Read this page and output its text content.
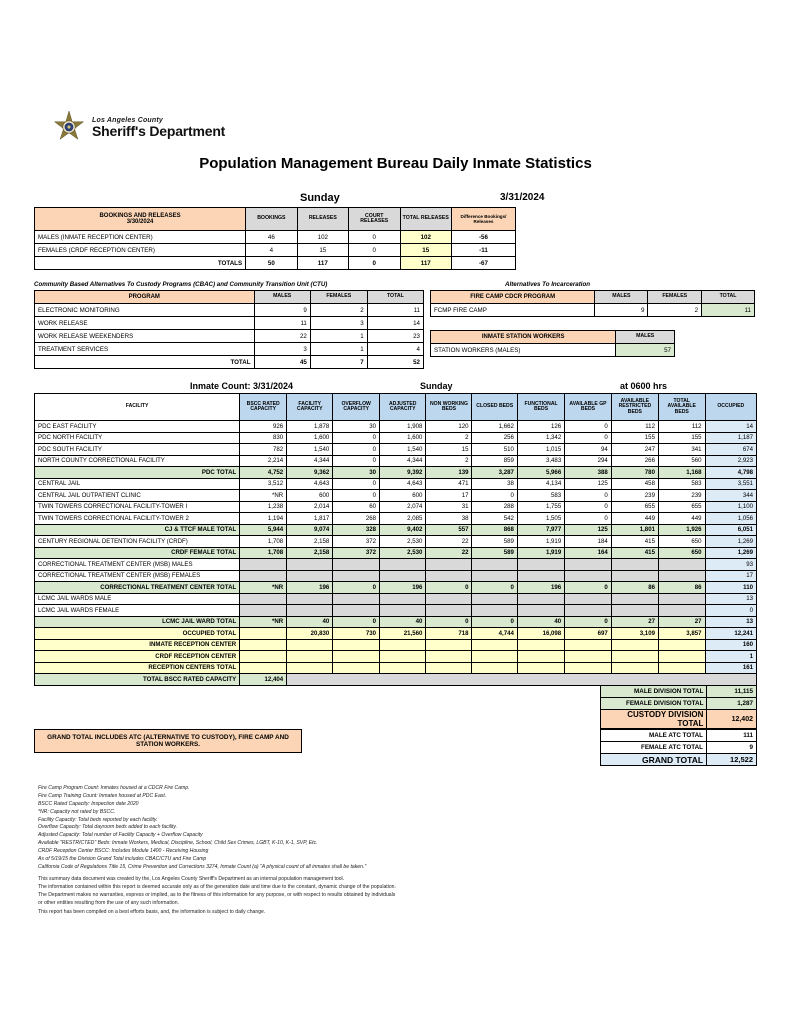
Los Angeles County
Sheriff's Department
Population Management Bureau Daily Inmate Statistics
Sunday	3/31/2024
BOOKINGS AND RELEASES
3/30/2024	BOOKINGS	RELEASES	COURT RELEASES	TOTAL RELEASES	Difference Bookings/ Releases
MALES (INMATE RECEPTION CENTER)	46	102	0	102	-56
FEMALES (CRDF RECEPTION CENTER)	4	15	0	15	-11
TOTALS	50	117	0	117	-67
Community Based Alternatives To Custody Programs (CBAC) and Community Transition Unit (CTU)
PROGRAM	MALES	FEMALES	TOTAL
ELECTRONIC MONITORING	9	2	11
WORK RELEASE	11	3	14
WORK RELEASE WEEKENDERS	22	1	23
TREATMENT SERVICES	3	1	4
TOTAL	45	7	52
Alternatives To Incarceration
FIRE CAMP CDCR PROGRAM	MALES	FEMALES	TOTAL
FCMP FIRE CAMP	9	2	11
INMATE STATION WORKERS	MALES
STATION WORKERS (MALES)	57
Inmate Count: 3/31/2024	Sunday	at 0600 hrs
FACILITY	BSCC RATED CAPACITY	FACILITY CAPACITY	OVERFLOW CAPACITY	ADJUSTED CAPACITY	NON WORKING BEDS	CLOSED BEDS	FUNCTIONAL BEDS	AVAILABLE GP BEDS	AVAILABLE RESTRICTED BEDS	TOTAL AVAILABLE BEDS	OCCUPIED
PDC EAST FACILITY	926	1,878	30	1,908	120	1,662	126	0	112	112	14
PDC NORTH FACILITY	830	1,600	0	1,600	2	256	1,342	0	155	155	1,187
PDC SOUTH FACILITY	782	1,540	0	1,540	15	510	1,015	94	247	341	674
NORTH COUNTY CORRECTIONAL FACILITY	2,214	4,344	0	4,344	2	859	3,483	294	266	560	2,923
PDC TOTAL	4,752	9,362	30	9,392	139	3,287	5,966	388	780	1,168	4,798
CENTRAL JAIL	3,512	4,643	0	4,643	471	38	4,134	125	458	583	3,551
CENTRAL JAIL OUTPATIENT CLINIC	*NR	600	0	600	17	0	583	0	239	239	344
TWIN TOWERS CORRECTIONAL FACILITY-TOWER I	1,238	2,014	60	2,074	31	288	1,755	0	655	655	1,100
TWIN TOWERS CORRECTIONAL FACILITY-TOWER 2	1,194	1,817	268	2,085	38	542	1,505	0	449	449	1,056
CJ & TTCF MALE TOTAL	5,944	9,074	328	9,402	557	868	7,977	125	1,801	1,926	6,051
CENTURY REGIONAL DETENTION FACILITY (CRDF)	1,708	2,158	372	2,530	22	589	1,919	184	415	650	1,269
CRDF FEMALE TOTAL	1,708	2,158	372	2,530	22	589	1,919	164	415	650	1,269
CORRECTIONAL TREATMENT CENTER (MSB) MALES											93
CORRECTIONAL TREATMENT CENTER (MSB) FEMALES											17
CORRECTIONAL TREATMENT CENTER TOTAL	*NR	196	0	196	0	0	196	0	86	86	110
LCMC JAIL WARDS MALE											13
LCMC JAIL WARDS FEMALE											0
LCMC JAIL WARD TOTAL	*NR	40	0	40	0	0	40	0	27	27	13
OCCUPIED TOTAL		20,830	730	21,560	718	4,744	16,098	697	3,109	3,857	12,241
INMATE RECEPTION CENTER											160
CRDF RECEPTION CENTER											1
RECEPTION CENTERS TOTAL											161
TOTAL BSCC RATED CAPACITY	12,404										
MALE DIVISION TOTAL	11,115
FEMALE DIVISION TOTAL	1,287
CUSTODY DIVISION TOTAL	12,402
GRAND TOTAL INCLUDES ATC (ALTERNATIVE TO CUSTODY), FIRE CAMP AND STATION WORKERS.
MALE ATC TOTAL	111
FEMALE ATC TOTAL	9
GRAND TOTAL	12,522
Fire Camp Program Count: Inmates housed at a CDCR Fire Camp.
Fire Camp Training Count: Inmates housed at PDC East.
BSCC Rated Capacity: Inspection date 2020
*NR: Capacity not rated by BSCC.
Facility Capacity: Total beds reported by each facility.
Overflow Capacity: Total dayroom beds added to each facility.
Adjusted Capacity: Total number of Facility Capacity + Overflow Capacity
Available "RESTRICTED" Beds: Inmate Workers, Medical, Discipline, School, Child Sex Crimes, LGBT, K-10, K-1, SVP, Etc.
CRDF Reception Center BSCC: Includes Module 1400 - Receiving Housing
As of 5/19/15 the Division Grand Total includes CBAC/CTU and Fire Camp
California Code of Regulations Title 15, Crime Prevention and Corrections 3274, Inmate Count (a) "A physical count of all inmates shall be taken."
This summary data document was created by the, Los Angeles County Sheriff's Department as an internal population management tool.
The information contained within this report is deemed accurate only as of the generation date and time due to the constant, dynamic change of the population.
The Department makes no warranties, express or implied, as to the fitness of this information for any purpose, or with respect to results obtained by individuals
or other entities resulting from the use of any such information.
This report has been compiled on a best efforts basis, and, the information is subject to daily change.
